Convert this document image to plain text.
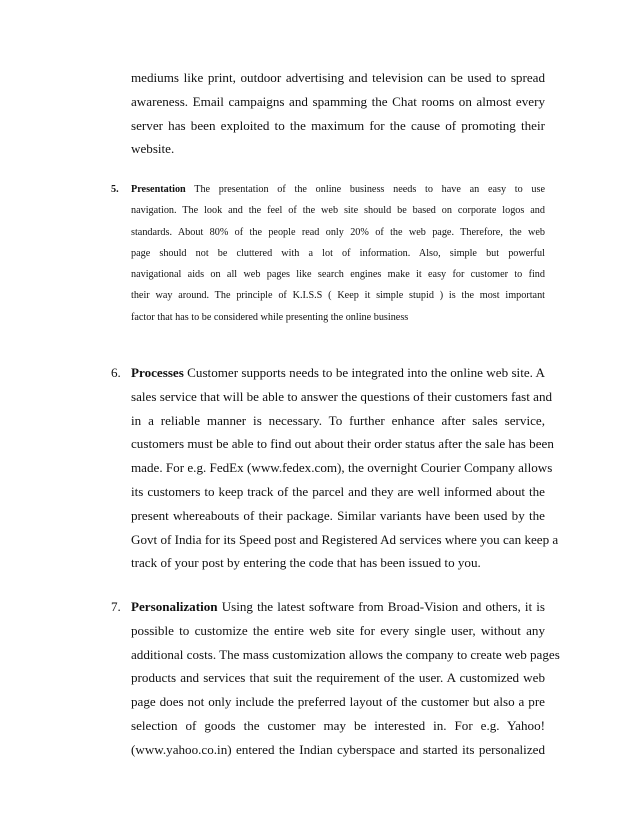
mediums like print, outdoor advertising and television can be used to spread
awareness. Email campaigns and spamming the Chat rooms on almost every
server has been exploited to the maximum for the cause of promoting their
website.
5. Presentation The presentation of the online business needs to have an easy to use
navigation. The look and the feel of the web site should be based on corporate logos and
standards. About 80% of the people read only 20% of the web page. Therefore, the web
page should not be cluttered with a lot of information. Also, simple but powerful
navigational aids on all web pages like search engines make it easy for customer to find
their way around. The principle of K.I.S.S ( Keep it simple stupid ) is the most important
factor that has to be considered while presenting the online business
6. Processes Customer supports needs to be integrated into the online web site. A
sales service that will be able to answer the questions of their customers fast and
in a reliable manner is necessary. To further enhance after sales service,
customers must be able to find out about their order status after the sale has been
made. For e.g. FedEx (www.fedex.com), the overnight Courier Company allows
its customers to keep track of the parcel and they are well informed about the
present whereabouts of their package. Similar variants have been used by the
Govt of India for its Speed post and Registered Ad services where you can keep a
track of your post by entering the code that has been issued to you.
7. Personalization Using the latest software from Broad-Vision and others, it is
possible to customize the entire web site for every single user, without any
additional costs. The mass customization allows the company to create web pages
products and services that suit the requirement of the user. A customized web
page does not only include the preferred layout of the customer but also a pre
selection of goods the customer may be interested in. For e.g. Yahoo!
(www.yahoo.co.in) entered the Indian cyberspace and started its personalized
